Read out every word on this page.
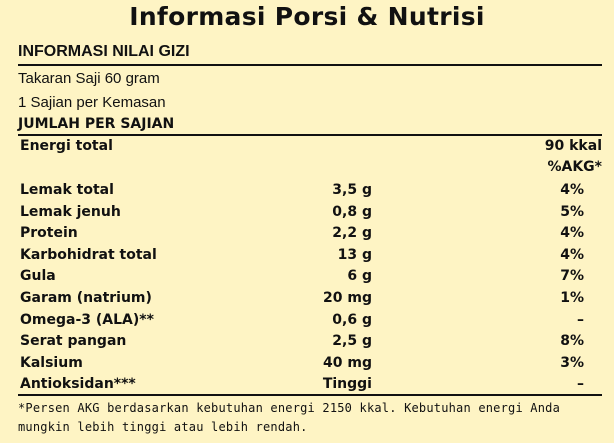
Informasi Porsi & Nutrisi
INFORMASI NILAI GIZI
Takaran Saji 60 gram
1 Sajian per Kemasan
JUMLAH PER SAJIAN
Energi total	90 kkal
%AKG*
Lemak total	3,5 g	4%
Lemak jenuh	0,8 g	5%
Protein	2,2 g	4%
Karbohidrat total	13 g	4%
Gula	6 g	7%
Garam (natrium)	20 mg	1%
Omega-3 (ALA)**	0,6 g	–
Serat pangan	2,5 g	8%
Kalsium	40 mg	3%
Antioksidan***	Tinggi	–
*Persen AKG berdasarkan kebutuhan energi 2150 kkal. Kebutuhan energi Anda mungkin lebih tinggi atau lebih rendah.
